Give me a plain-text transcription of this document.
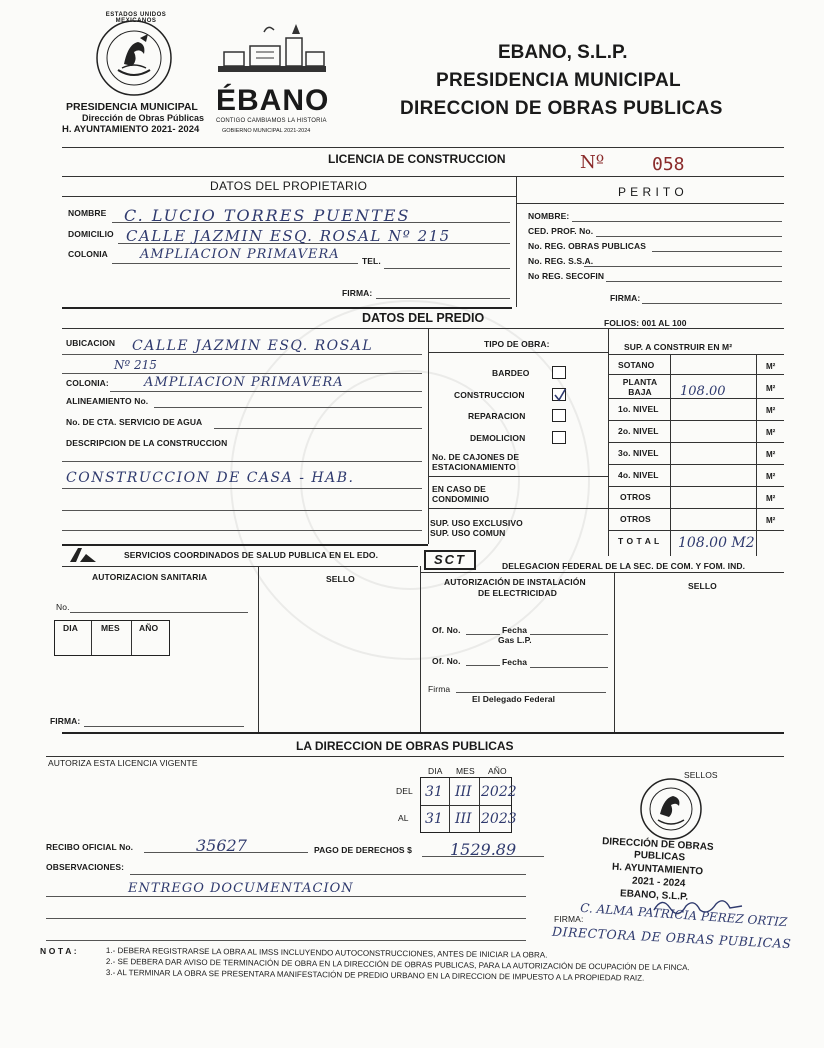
ESTADOS UNIDOS MEXICANOS
PRESIDENCIA MUNICIPAL
Dirección de Obras Públicas
H. AYUNTAMIENTO 2021- 2024
ÉBANO
CONTIGO CAMBIAMOS LA HISTORIA
GOBIERNO MUNICIPAL 2021-2024
EBANO, S.L.P.
PRESIDENCIA MUNICIPAL
DIRECCION DE OBRAS PUBLICAS
LICENCIA DE CONSTRUCCION	Nº	058
DATOS DEL PROPIETARIO	P E R I T O
NOMBRE C. LUCIO TORRES PUENTES
DOMICILIO CALLE JAZMIN ESQ. ROSAL Nº 215
COLONIA AMPLIACION PRIMAVERA	TEL.
FIRMA:
NOMBRE:
CED. PROF. No.
No. REG. OBRAS PUBLICAS
No. REG. S.S.A.
No REG. SECOFIN
FIRMA:
DATOS DEL PREDIO	FOLIOS: 001 AL 100
UBICACION CALLE JAZMIN ESQ. ROSAL
Nº 215
COLONIA:	AMPLIACION PRIMAVERA
ALINEAMIENTO No.
No. DE CTA. SERVICIO DE AGUA
DESCRIPCION DE LA CONSTRUCCION
CONSTRUCCION DE CASA - HAB.
TIPO DE OBRA:
BARDEO
CONSTRUCCION
REPARACION
DEMOLICION
No. DE CAJONES DE
ESTACIONAMIENTO
EN CASO DE
CONDOMINIO
SUP. USO EXCLUSIVO
SUP. USO COMUN
SUP. A CONSTRUIR EN M²
SOTANO	M²
PLANTA BAJA	108.00	M²
1o. NIVEL	M²
2o. NIVEL	M²
3o. NIVEL	M²
4o. NIVEL	M²
OTROS	M²
OTROS	M²
T O T A L 108.00 M2
SERVICIOS COORDINADOS DE SALUD PUBLICA EN EL EDO.	SCT	DELEGACION FEDERAL DE LA SEC. DE COM. Y FOM. IND.
AUTORIZACION SANITARIA	SELLO
No.
DIA	MES AÑO
FIRMA:
AUTORIZACIÓN DE INSTALACIÓN
DE ELECTRICIDAD
SELLO
Of. No.	Fecha
Gas L.P.
Of. No.	Fecha
Firma
El Delegado Federal
LA DIRECCION DE OBRAS PUBLICAS
AUTORIZA ESTA LICENCIA VIGENTE
SELLOS
DIA MES AÑO
31 III 2022
31 III 2023
DEL
AL
RECIBO OFICIAL No.	35627	PAGO DE DERECHOS $ 1529.89
OBSERVACIONES:
ENTREGO DOCUMENTACION
DIRECCIÓN DE OBRAS
PUBLICAS
H. AYUNTAMIENTO
2021 - 2024
EBANO, S.L.P.
FIRMA:
C. ALMA PATRICIA PEREZ ORTIZ
DIRECTORA DE OBRAS PUBLICAS
N O T A :	1.- DEBERA REGISTRARSE LA OBRA AL IMSS INCLUYENDO AUTOCONSTRUCCIONES, ANTES DE INICIAR LA OBRA.
2.- SE DEBERA DAR AVISO DE TERMINACIÓN DE OBRA EN LA DIRECCIÓN DE OBRAS PUBLICAS, PARA LA AUTORIZACIÓN DE OCUPACIÓN DE LA FINCA.
3.- AL TERMINAR LA OBRA SE PRESENTARA MANIFESTACIÓN DE PREDIO URBANO EN LA DIRECCION DE IMPUESTO A LA PROPIEDAD RAIZ.
